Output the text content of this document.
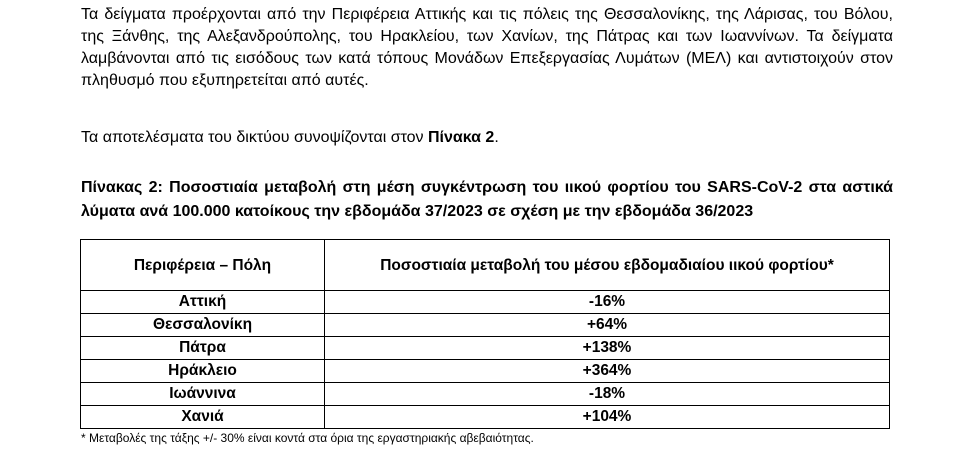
Τα δείγματα προέρχονται από την Περιφέρεια Αττικής και τις πόλεις της Θεσσαλονίκης, της Λάρισας, του Βόλου, της Ξάνθης, της Αλεξανδρούπολης, του Ηρακλείου, των Χανίων, της Πάτρας και των Ιωαννίνων. Τα δείγματα λαμβάνονται από τις εισόδους των κατά τόπους Μονάδων Επεξεργασίας Λυμάτων (ΜΕΛ) και αντιστοιχούν στον πληθυσμό που εξυπηρετείται από αυτές.
Τα αποτελέσματα του δικτύου συνοψίζονται στον Πίνακα 2.
Πίνακας 2: Ποσοστιαία μεταβολή στη μέση συγκέντρωση του ιικού φορτίου του SARS-CoV-2 στα αστικά λύματα ανά 100.000 κατοίκους την εβδομάδα 37/2023 σε σχέση με την εβδομάδα 36/2023
Περιφέρεια – Πόλη	Ποσοστιαία μεταβολή του μέσου εβδομαδιαίου ιικού φορτίου*
Αττική	-16%
Θεσσαλονίκη	+64%
Πάτρα	+138%
Ηράκλειο	+364%
Ιωάννινα	-18%
Χανιά	+104%
* Μεταβολές της τάξης +/- 30% είναι κοντά στα όρια της εργαστηριακής αβεβαιότητας.
